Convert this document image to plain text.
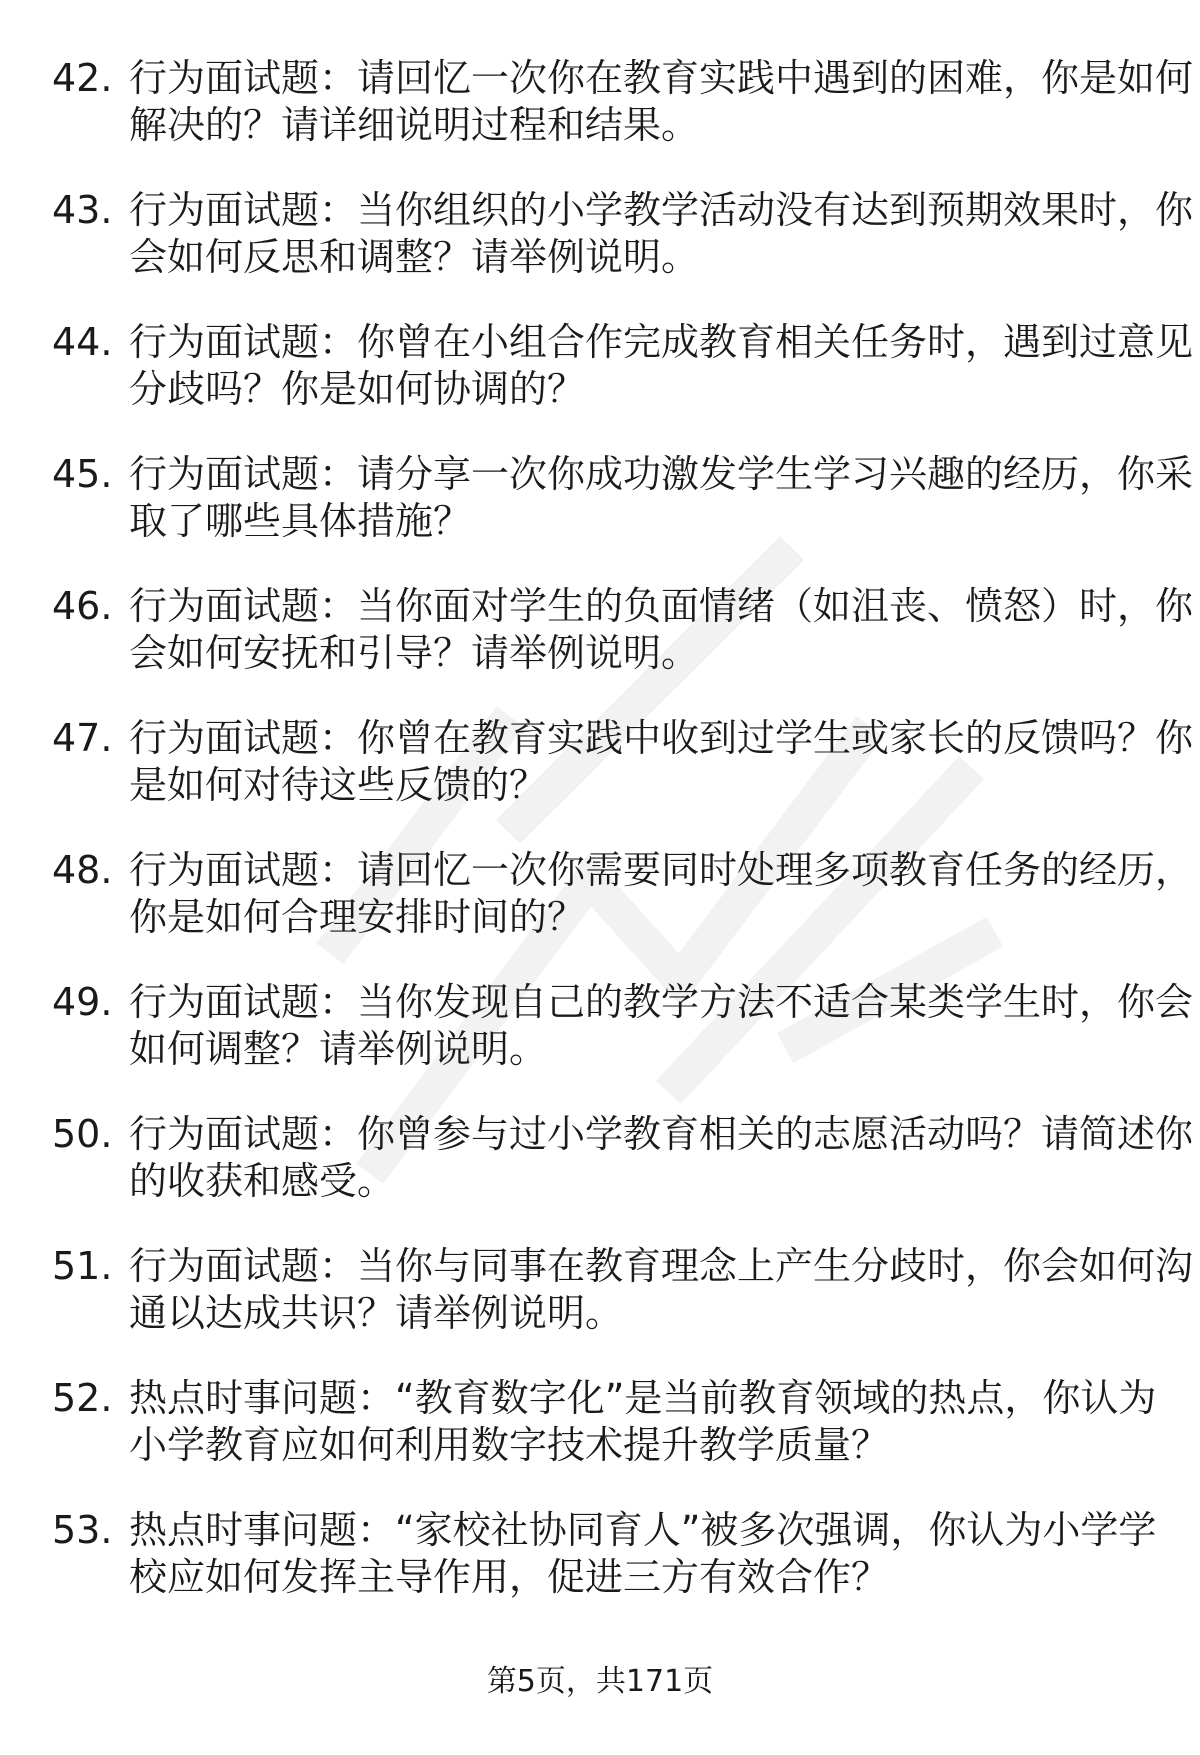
42. 行为面试题：请回忆一次你在教育实践中遇到的困难，你是如何
解决的？请详细说明过程和结果。
43. 行为面试题：当你组织的小学教学活动没有达到预期效果时，你
会如何反思和调整？请举例说明。
44. 行为面试题：你曾在小组合作完成教育相关任务时，遇到过意见
分歧吗？你是如何协调的？
45. 行为面试题：请分享一次你成功激发学生学习兴趣的经历，你采
取了哪些具体措施？
46. 行为面试题：当你面对学生的负面情绪（如沮丧、愤怒）时，你
会如何安抚和引导？请举例说明。
47. 行为面试题：你曾在教育实践中收到过学生或家长的反馈吗？你
是如何对待这些反馈的？
48. 行为面试题：请回忆一次你需要同时处理多项教育任务的经历，
你是如何合理安排时间的？
49. 行为面试题：当你发现自己的教学方法不适合某类学生时，你会
如何调整？请举例说明。
50. 行为面试题：你曾参与过小学教育相关的志愿活动吗？请简述你
的收获和感受。
51. 行为面试题：当你与同事在教育理念上产生分歧时，你会如何沟
通以达成共识？请举例说明。
52. 热点时事问题：“教育数字化”是当前教育领域的热点，你认为
小学教育应如何利用数字技术提升教学质量？
53. 热点时事问题：“家校社协同育人”被多次强调，你认为小学学
校应如何发挥主导作用，促进三方有效合作？
第5页，共171页
